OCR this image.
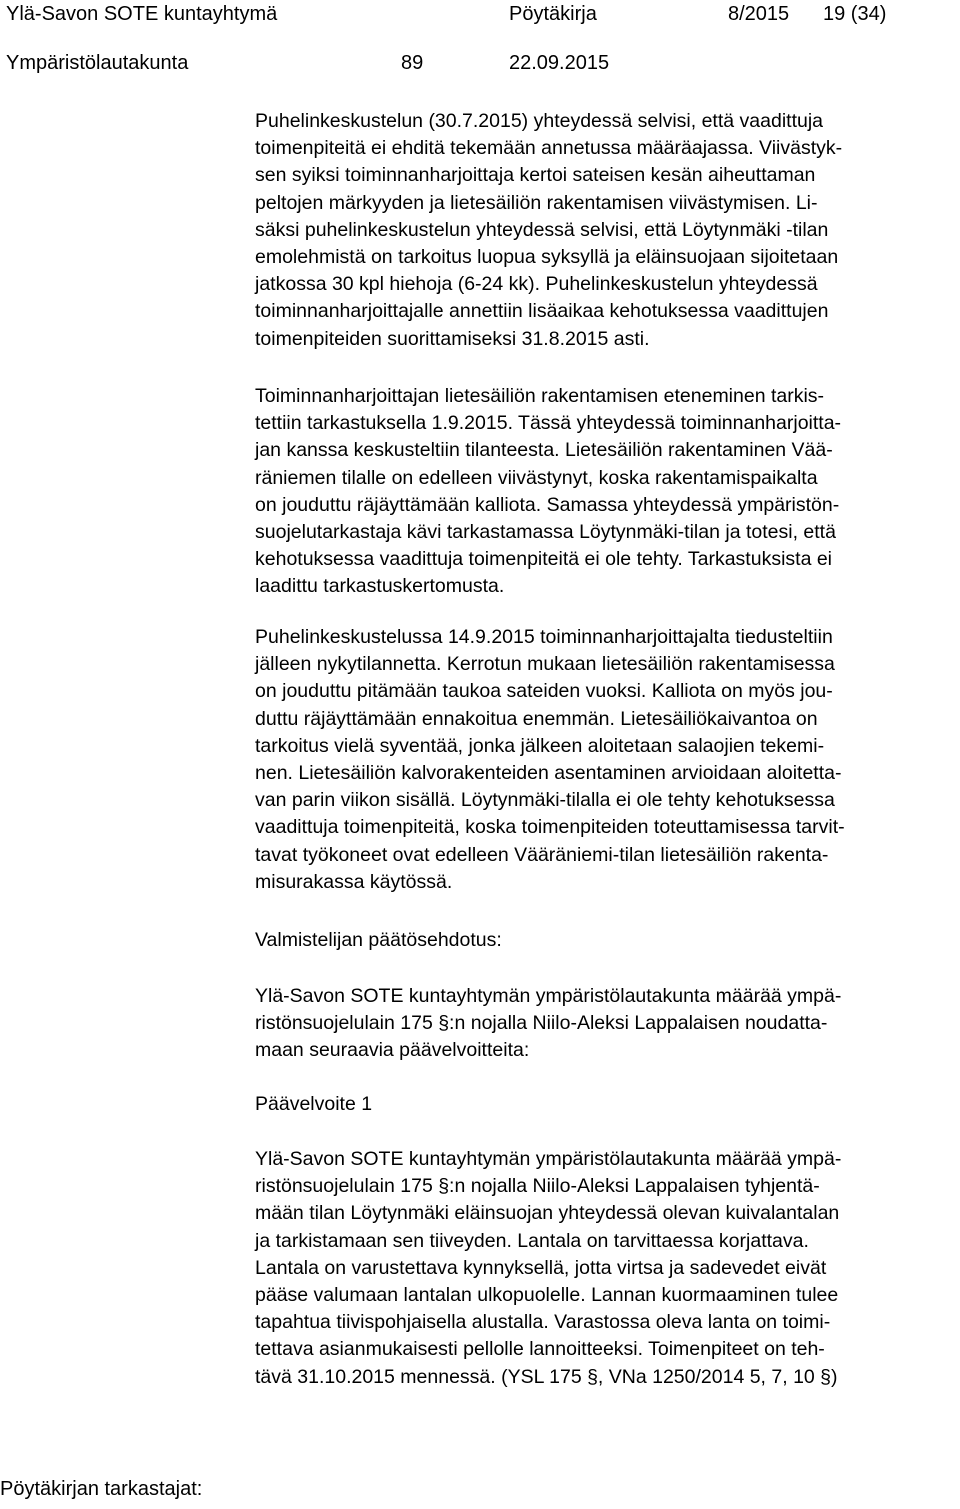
Ylä-Savon SOTE kuntayhtymä	Pöytäkirja	8/2015 19 (34)
Ympäristölautakunta	89	22.09.2015
Puhelinkeskustelun (30.7.2015) yhteydessä selvisi, että vaadittuja
toimenpiteitä ei ehditä tekemään annetussa määräajassa. Viivästyk-
sen syiksi toiminnanharjoittaja kertoi sateisen kesän aiheuttaman
peltojen märkyyden ja lietesäiliön rakentamisen viivästymisen. Li-
säksi puhelinkeskustelun yhteydessä selvisi, että Löytynmäki -tilan
emolehmistä on tarkoitus luopua syksyllä ja eläinsuojaan sijoitetaan
jatkossa 30 kpl hiehoja (6-24 kk). Puhelinkeskustelun yhteydessä
toiminnanharjoittajalle annettiin lisäaikaa kehotuksessa vaadittujen
toimenpiteiden suorittamiseksi 31.8.2015 asti.
Toiminnanharjoittajan lietesäiliön rakentamisen eteneminen tarkis-
tettiin tarkastuksella 1.9.2015. Tässä yhteydessä toiminnanharjoitta-
jan kanssa keskusteltiin tilanteesta. Lietesäiliön rakentaminen Vää-
räniemen tilalle on edelleen viivästynyt, koska rakentamispaikalta
on jouduttu räjäyttämään kalliota. Samassa yhteydessä ympäristön-
suojelutarkastaja kävi tarkastamassa Löytynmäki-tilan ja totesi, että
kehotuksessa vaadittuja toimenpiteitä ei ole tehty. Tarkastuksista ei
laadittu tarkastuskertomusta.
Puhelinkeskustelussa 14.9.2015 toiminnanharjoittajalta tiedusteltiin
jälleen nykytilannetta. Kerrotun mukaan lietesäiliön rakentamisessa
on jouduttu pitämään taukoa sateiden vuoksi. Kalliota on myös jou-
duttu räjäyttämään ennakoitua enemmän. Lietesäiliökaivantoa on
tarkoitus vielä syventää, jonka jälkeen aloitetaan salaojien tekemi-
nen. Lietesäiliön kalvorakenteiden asentaminen arvioidaan aloitetta-
van parin viikon sisällä. Löytynmäki-tilalla ei ole tehty kehotuksessa
vaadittuja toimenpiteitä, koska toimenpiteiden toteuttamisessa tarvit-
tavat työkoneet ovat edelleen Vääräniemi-tilan lietesäiliön rakenta-
misurakassa käytössä.
Valmistelijan päätösehdotus:
Ylä-Savon SOTE kuntayhtymän ympäristölautakunta määrää ympä-
ristönsuojelulain 175 §:n nojalla Niilo-Aleksi Lappalaisen noudatta-
maan seuraavia päävelvoitteita:
Päävelvoite 1
Ylä-Savon SOTE kuntayhtymän ympäristölautakunta määrää ympä-
ristönsuojelulain 175 §:n nojalla Niilo-Aleksi Lappalaisen tyhjentä-
mään tilan Löytynmäki eläinsuojan yhteydessä olevan kuivalantalan
ja tarkistamaan sen tiiveyden. Lantala on tarvittaessa korjattava.
Lantala on varustettava kynnyksellä, jotta virtsa ja sadevedet eivät
pääse valumaan lantalan ulkopuolelle. Lannan kuormaaminen tulee
tapahtua tiivispohjaisella alustalla. Varastossa oleva lanta on toimi-
tettava asianmukaisesti pellolle lannoitteeksi. Toimenpiteet on teh-
tävä 31.10.2015 mennessä. (YSL 175 §, VNa 1250/2014 5, 7, 10 §)
Pöytäkirjan tarkastajat:
